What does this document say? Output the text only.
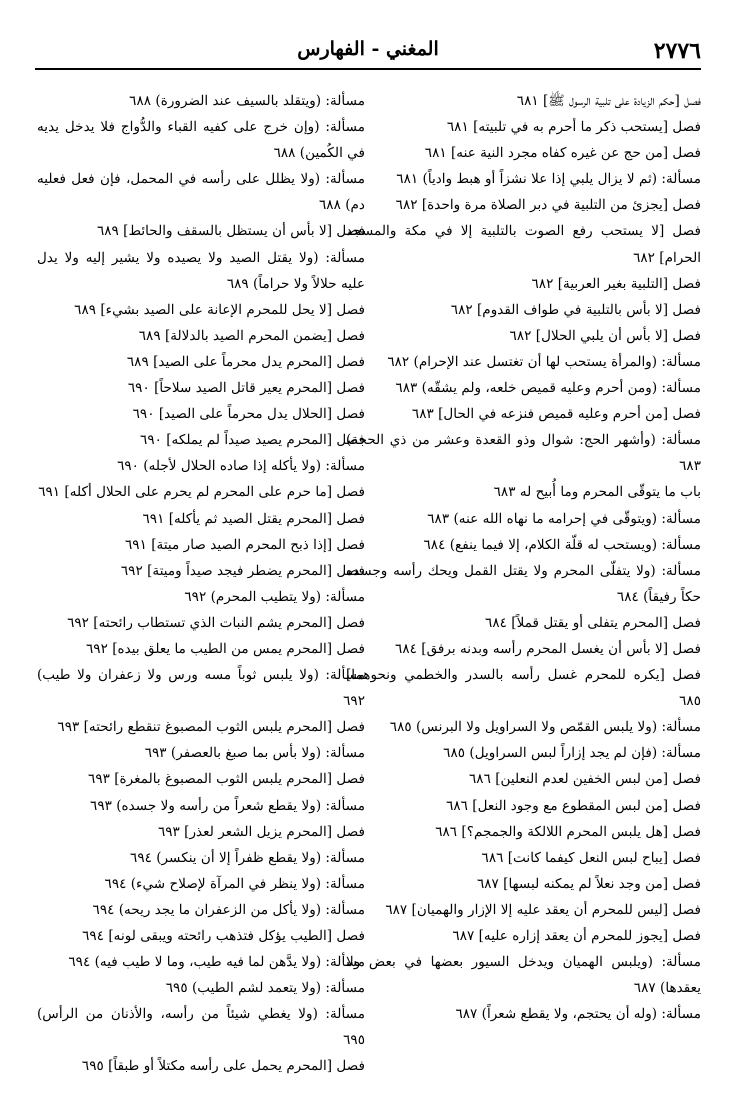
٢٧٧٦
المغني - الفهارس
فصل [حكم الزيادة على تلبية الرسول ﷺ] ٦٨١
فصل [يستحب ذكر ما أحرم به في تلبيته] ٦٨١
فصل [من حج عن غيره كفاه مجرد النية عنه] ٦٨١
مسألة: (ثم لا يزال يلبي إذا علا نشزاً أو هبط وادياً) ٦٨١
فصل [يجزئ من التلبية في دبر الصلاة مرة واحدة] ٦٨٢
فصل [لا يستحب رفع الصوت بالتلبية إلا في مكة والمسجد الحرام] ٦٨٢
فصل [التلبية بغير العربية] ٦٨٢
فصل [لا بأس بالتلبية في طواف القدوم] ٦٨٢
فصل [لا بأس أن يلبي الحلال] ٦٨٢
مسألة: (والمرأة يستحب لها أن تغتسل عند الإحرام) ٦٨٢
مسألة: (ومن أحرم وعليه قميص خلعه، ولم يشقّه) ٦٨٣
فصل [من أحرم وعليه قميص فنزعه في الحال] ٦٨٣
مسألة: (وأشهر الحج: شوال وذو القعدة وعشر من ذي الحجة) ٦٨٣
باب ما يتوقّى المحرم وما أُبيح له ٦٨٣
مسألة: (ويتوقّى في إحرامه ما نهاه الله عنه) ٦٨٣
مسألة: (ويستحب له قلّة الكلام، إلا فيما ينفع) ٦٨٤
مسألة: (ولا يتفلّى المحرم ولا يقتل القمل ويحك رأسه وجسده حكاً رفيقاً) ٦٨٤
فصل [المحرم يتفلى أو يقتل قملاً] ٦٨٤
فصل [لا بأس أن يغسل المحرم رأسه وبدنه برفق] ٦٨٤
فصل [يكره للمحرم غسل رأسه بالسدر والخطمي ونحوهما] ٦٨٥
مسألة: (ولا يلبس القمّص ولا السراويل ولا البرنس) ٦٨٥
مسألة: (فإن لم يجد إزاراً لبس السراويل) ٦٨٥
فصل [من لبس الخفين لعدم النعلين] ٦٨٦
فصل [من لبس المقطوع مع وجود النعل] ٦٨٦
فصل [هل يلبس المحرم اللالكة والجمجم؟] ٦٨٦
فصل [يباح لبس النعل كيفما كانت] ٦٨٦
فصل [من وجد نعلاً لم يمكنه لبسها] ٦٨٧
فصل [ليس للمحرم أن يعقد عليه إلا الإزار والهميان] ٦٨٧
فصل [يجوز للمحرم أن يعقد إزاره عليه] ٦٨٧
مسألة: (ويلبس الهميان ويدخل السيور بعضها في بعض ولا يعقدها) ٦٨٧
مسألة: (وله أن يحتجم، ولا يقطع شعراً) ٦٨٧
مسألة: (ويتقلد بالسيف عند الضرورة) ٦٨٨
مسألة: (وإن خرج على كفيه القباء والدُّواج فلا يدخل يديه في الكُمين) ٦٨٨
مسألة: (ولا يظلل على رأسه في المحمل، فإن فعل فعليه دم) ٦٨٨
فصل [لا بأس أن يستظل بالسقف والحائط] ٦٨٩
مسألة: (ولا يقتل الصيد ولا يصيده ولا يشير إليه ولا يدل عليه حلالاً ولا حراماً) ٦٨٩
فصل [لا يحل للمحرم الإعانة على الصيد بشيء] ٦٨٩
فصل [يضمن المحرم الصيد بالدلالة] ٦٨٩
فصل [المحرم يدل محرماً على الصيد] ٦٨٩
فصل [المحرم يعير قاتل الصيد سلاحاً] ٦٩٠
فصل [الحلال يدل محرماً على الصيد] ٦٩٠
فصل [المحرم يصيد صيداً لم يملكه] ٦٩٠
مسألة: (ولا يأكله إذا صاده الحلال لأجله) ٦٩٠
فصل [ما حرم على المحرم لم يحرم على الحلال أكله] ٦٩١
فصل [المحرم يقتل الصيد ثم يأكله] ٦٩١
فصل [إذا ذبح المحرم الصيد صار ميتة] ٦٩١
فصل [المحرم يضطر فيجد صيداً وميتة] ٦٩٢
مسألة: (ولا يتطيب المحرم) ٦٩٢
فصل [المحرم يشم النبات الذي تستطاب رائحته] ٦٩٢
فصل [المحرم يمس من الطيب ما يعلق بيده] ٦٩٢
مسألة: (ولا يلبس ثوباً مسه ورس ولا زعفران ولا طيب) ٦٩٢
فصل [المحرم يلبس الثوب المصبوغ تنقطع رائحته] ٦٩٣
مسألة: (ولا بأس بما صبغ بالعصفر) ٦٩٣
فصل [المحرم يلبس الثوب المصبوغ بالمغرة] ٦٩٣
مسألة: (ولا يقطع شعراً من رأسه ولا جسده) ٦٩٣
فصل [المحرم يزيل الشعر لعذر] ٦٩٣
مسألة: (ولا يقطع ظفراً إلا أن ينكسر) ٦٩٤
مسألة: (ولا ينظر في المرآة لإصلاح شيء) ٦٩٤
مسألة: (ولا يأكل من الزعفران ما يجد ريحه) ٦٩٤
فصل [الطيب يؤكل فتذهب رائحته ويبقى لونه] ٦٩٤
مسألة: (ولا يدَّهن لما فيه طيب، وما لا طيب فيه) ٦٩٤
مسألة: (ولا يتعمد لشم الطيب) ٦٩٥
مسألة: (ولا يغطي شيئاً من رأسه، والأذنان من الرأس) ٦٩٥
فصل [المحرم يحمل على رأسه مكتلاً أو طبقاً] ٦٩٥
